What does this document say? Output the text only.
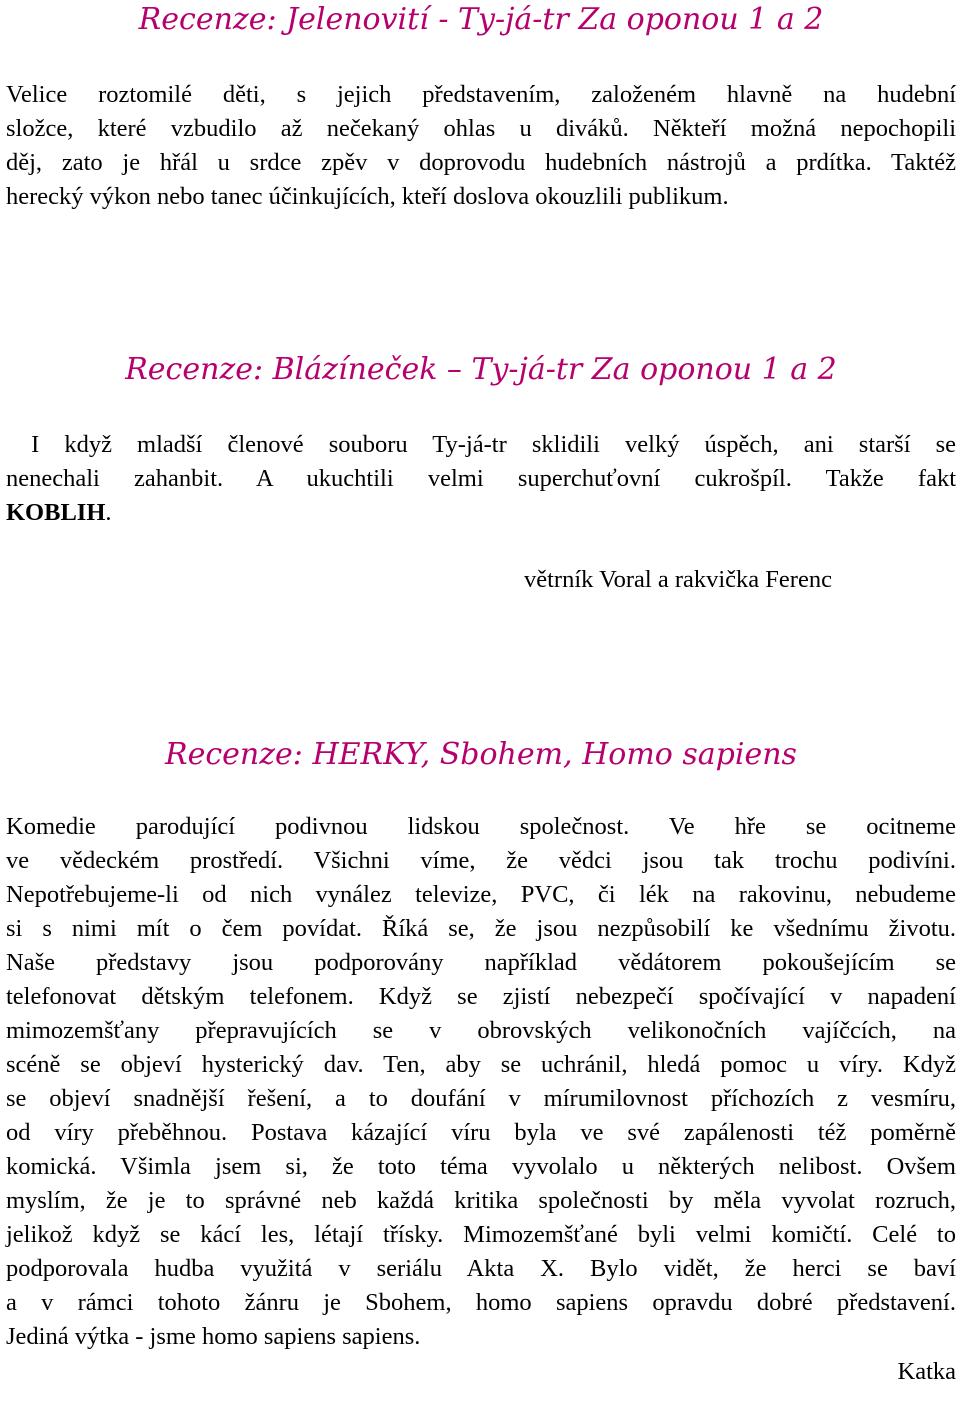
Recenze: Jelenovití - Ty-já-tr Za oponou 1 a 2
Velice roztomilé děti, s jejich představením, založeném hlavně na hudební
složce, které vzbudilo až nečekaný ohlas u diváků. Někteří možná nepochopili
děj, zato je hřál u srdce zpěv v doprovodu hudebních nástrojů a prdítka. Taktéž
herecký výkon nebo tanec účinkujících, kteří doslova okouzlili publikum.
Recenze: Blázíneček – Ty-já-tr Za oponou 1 a 2
I když mladší členové souboru Ty-já-tr sklidili velký úspěch, ani starší se
nenechali zahanbit. A ukuchtili velmi superchuťovní cukrošpíl. Takže fakt
KOBLIH.

větrník Voral a rakvička Ferenc

Recenze: HERKY, Sbohem, Homo sapiens
Komedie parodující podivnou lidskou společnost. Ve hře se ocitneme
ve vědeckém prostředí. Všichni víme, že vědci jsou tak trochu podivíni.
Nepotřebujeme-li od nich vynález televize, PVC, či lék na rakovinu, nebudeme
si s nimi mít o čem povídat. Říká se, že jsou nezpůsobilí ke všednímu životu.
Naše představy jsou podporovány například vědátorem pokoušejícím se
telefonovat dětským telefonem. Když se zjistí nebezpečí spočívající v napadení
mimozemšťany přepravujících se v obrovských velikonočních vajíčcích, na
scéně se objeví hysterický dav. Ten, aby se uchránil, hledá pomoc u víry. Když
se objeví snadnější řešení, a to doufání v mírumilovnost příchozích z vesmíru,
od víry přeběhnou. Postava kázající víru byla ve své zapálenosti též poměrně
komická. Všimla jsem si, že toto téma vyvolalo u některých nelibost. Ovšem
myslím, že je to správné neb každá kritika společnosti by měla vyvolat rozruch,
jelikož když se kácí les, létají třísky. Mimozemšťané byli velmi komičtí. Celé to
podporovala hudba využitá v seriálu Akta X. Bylo vidět, že herci se baví
a v rámci tohoto žánru je Sbohem, homo sapiens opravdu dobré představení.
Jediná výtka - jsme homo sapiens sapiens.

Katka
